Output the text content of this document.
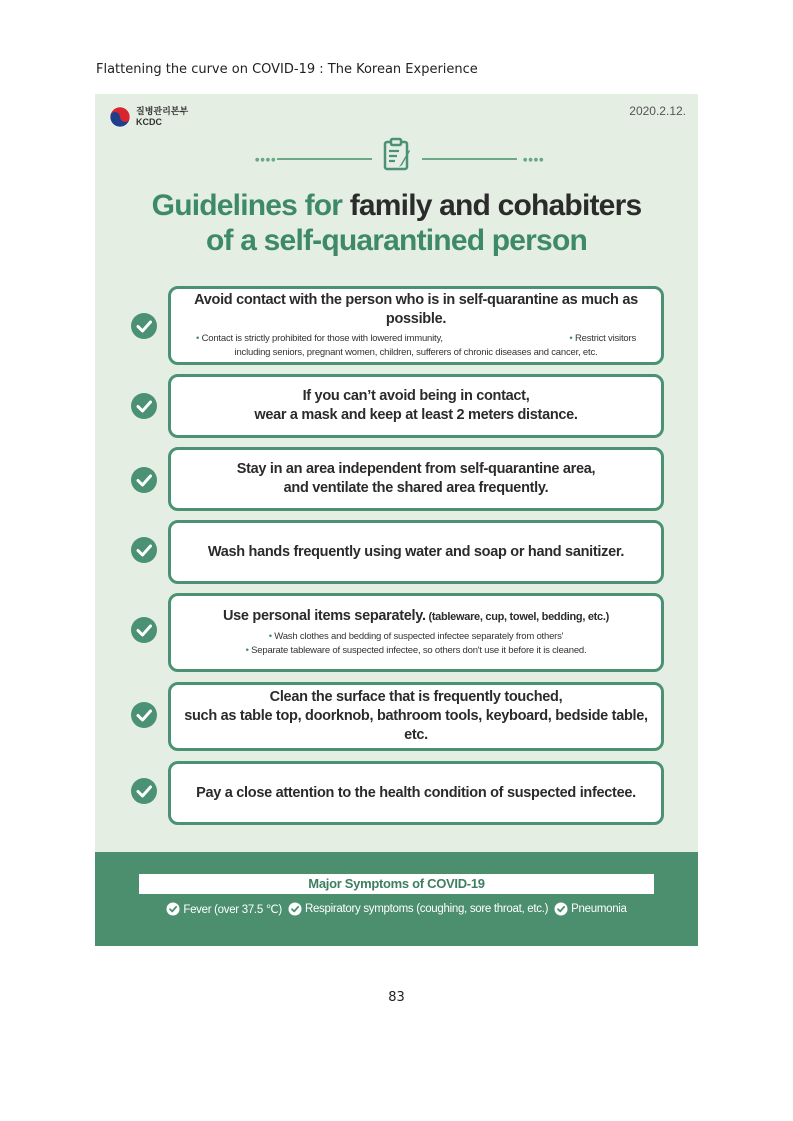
Flattening the curve on COVID-19 : The Korean Experience
질병관리본부
KCDC
2020.2.12.
●●●●	●●●●
Guidelines for family and cohabiters
of a self-quarantined person
Avoid contact with the person who is in self-quarantine as much as possible.
• Contact is strictly prohibited for those with lowered immunity,	• Restrict visitors
including seniors, pregnant women, children, sufferers of chronic diseases and cancer, etc.
If you can’t avoid being in contact,
wear a mask and keep at least 2 meters distance.
Stay in an area independent from self-quarantine area,
and ventilate the shared area frequently.
Wash hands frequently using water and soap or hand sanitizer.
Use personal items separately. (tableware, cup, towel, bedding, etc.)
• Wash clothes and bedding of suspected infectee separately from others'
• Separate tableware of suspected infectee, so others don't use it before it is cleaned.
Clean the surface that is frequently touched,
such as table top, doorknob, bathroom tools, keyboard, bedside table, etc.
Pay a close attention to the health condition of suspected infectee.
Major Symptoms of COVID-19
Fever (over 37.5 ℃) Respiratory symptoms (coughing, sore throat, etc.) Pneumonia
83
